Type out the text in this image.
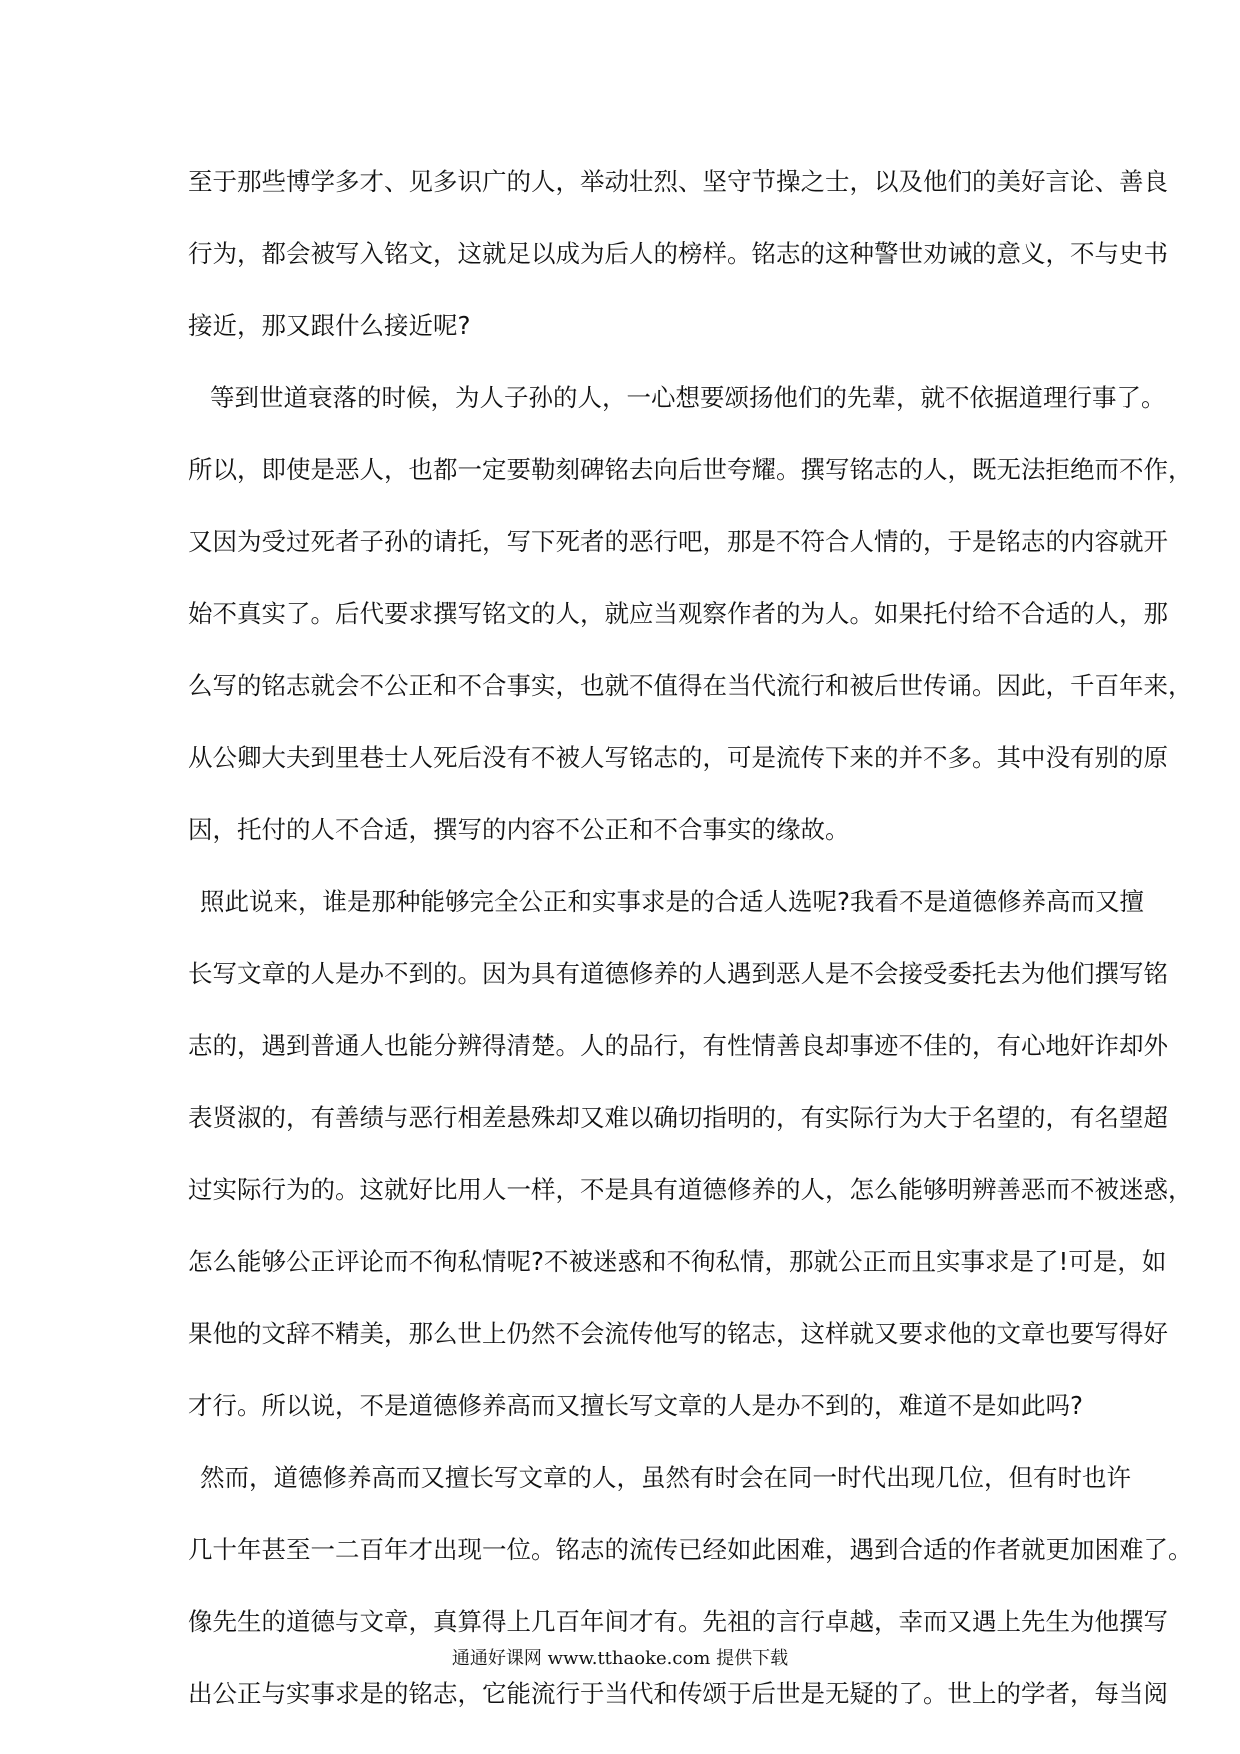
至于那些博学多才、见多识广的人，举动壮烈、坚守节操之士，以及他们的美好言论、善良
行为，都会被写入铭文，这就足以成为后人的榜样。铭志的这种警世劝诫的意义，不与史书
接近，那又跟什么接近呢?
等到世道衰落的时候，为人子孙的人，一心想要颂扬他们的先辈，就不依据道理行事了。
所以，即使是恶人，也都一定要勒刻碑铭去向后世夸耀。撰写铭志的人，既无法拒绝而不作，
又因为受过死者子孙的请托，写下死者的恶行吧，那是不符合人情的，于是铭志的内容就开
始不真实了。后代要求撰写铭文的人，就应当观察作者的为人。如果托付给不合适的人，那
么写的铭志就会不公正和不合事实，也就不值得在当代流行和被后世传诵。因此，千百年来，
从公卿大夫到里巷士人死后没有不被人写铭志的，可是流传下来的并不多。其中没有别的原
因，托付的人不合适，撰写的内容不公正和不合事实的缘故。
照此说来，谁是那种能够完全公正和实事求是的合适人选呢?我看不是道德修养高而又擅
长写文章的人是办不到的。因为具有道德修养的人遇到恶人是不会接受委托去为他们撰写铭
志的，遇到普通人也能分辨得清楚。人的品行，有性情善良却事迹不佳的，有心地奸诈却外
表贤淑的，有善绩与恶行相差悬殊却又难以确切指明的，有实际行为大于名望的，有名望超
过实际行为的。这就好比用人一样，不是具有道德修养的人，怎么能够明辨善恶而不被迷惑，
怎么能够公正评论而不徇私情呢?不被迷惑和不徇私情，那就公正而且实事求是了!可是，如
果他的文辞不精美，那么世上仍然不会流传他写的铭志，这样就又要求他的文章也要写得好
才行。所以说，不是道德修养高而又擅长写文章的人是办不到的，难道不是如此吗?
然而，道德修养高而又擅长写文章的人，虽然有时会在同一时代出现几位，但有时也许
几十年甚至一二百年才出现一位。铭志的流传已经如此困难，遇到合适的作者就更加困难了。
像先生的道德与文章，真算得上几百年间才有。先祖的言行卓越，幸而又遇上先生为他撰写
出公正与实事求是的铭志，它能流行于当代和传颂于后世是无疑的了。世上的学者，每当阅
通通好课网 www.tthaoke.com 提供下载
